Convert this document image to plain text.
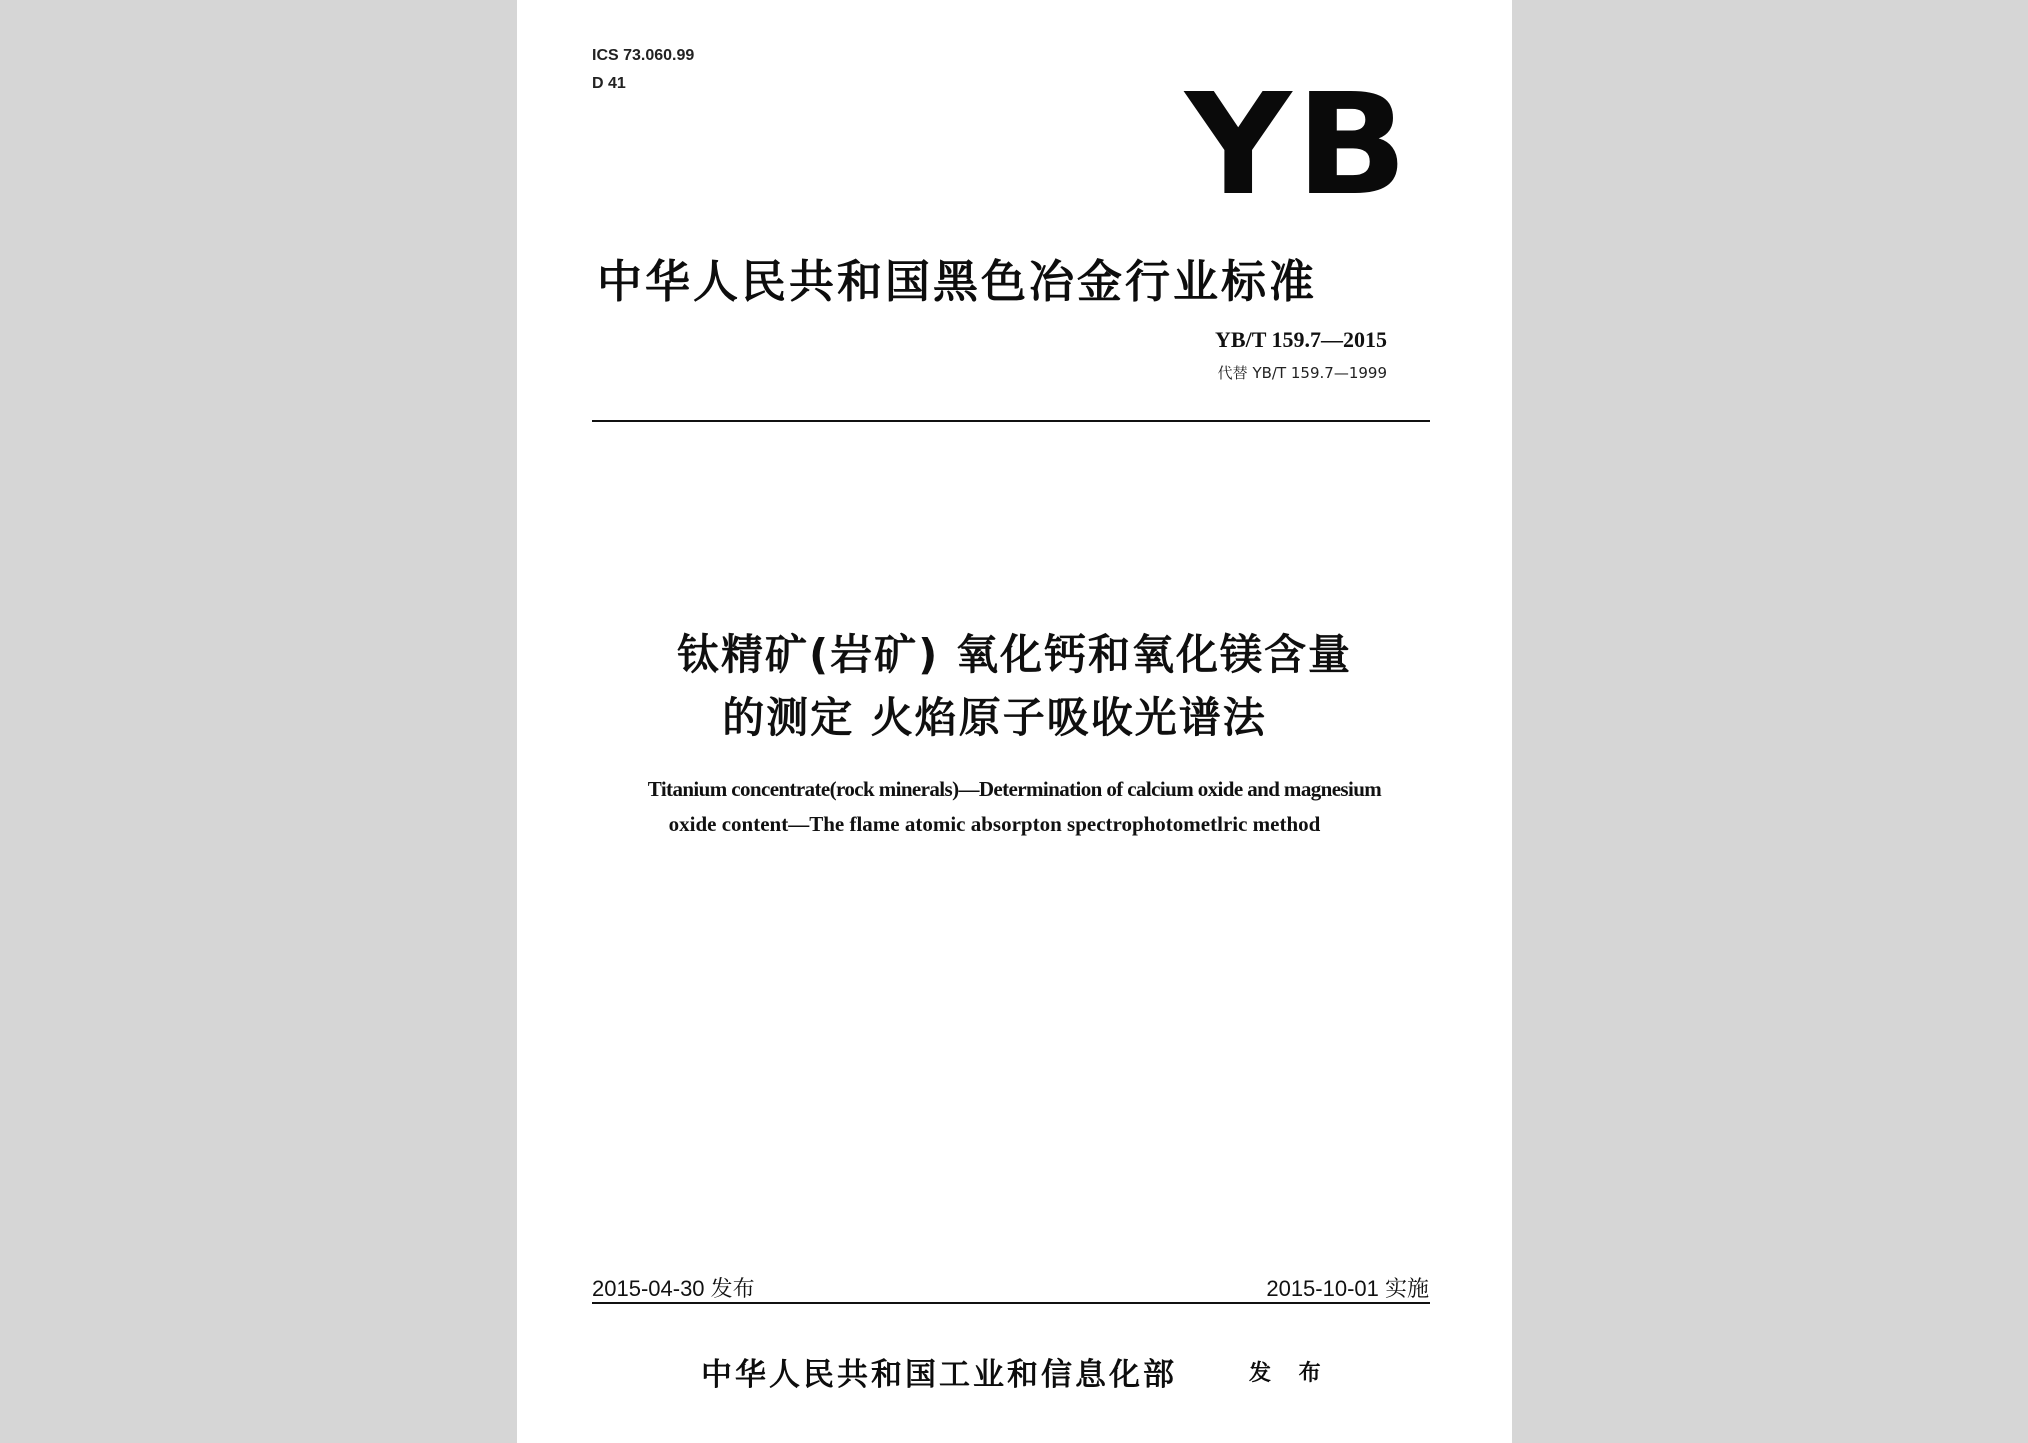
ICS 73.060.99
D 41	YB
中华人民共和国黑色冶金行业标准
YB/T 159.7—2015
代替 YB/T 159.7—1999
钛精矿(岩矿) 氧化钙和氧化镁含量
的测定 火焰原子吸收光谱法
Titanium concentrate(rock minerals)—Determination of calcium oxide and magnesium
oxide content—The flame atomic absorpton spectrophotometlric method
2015-04-30 发布	2015-10-01 实施
中华人民共和国工业和信息化部	发 布
